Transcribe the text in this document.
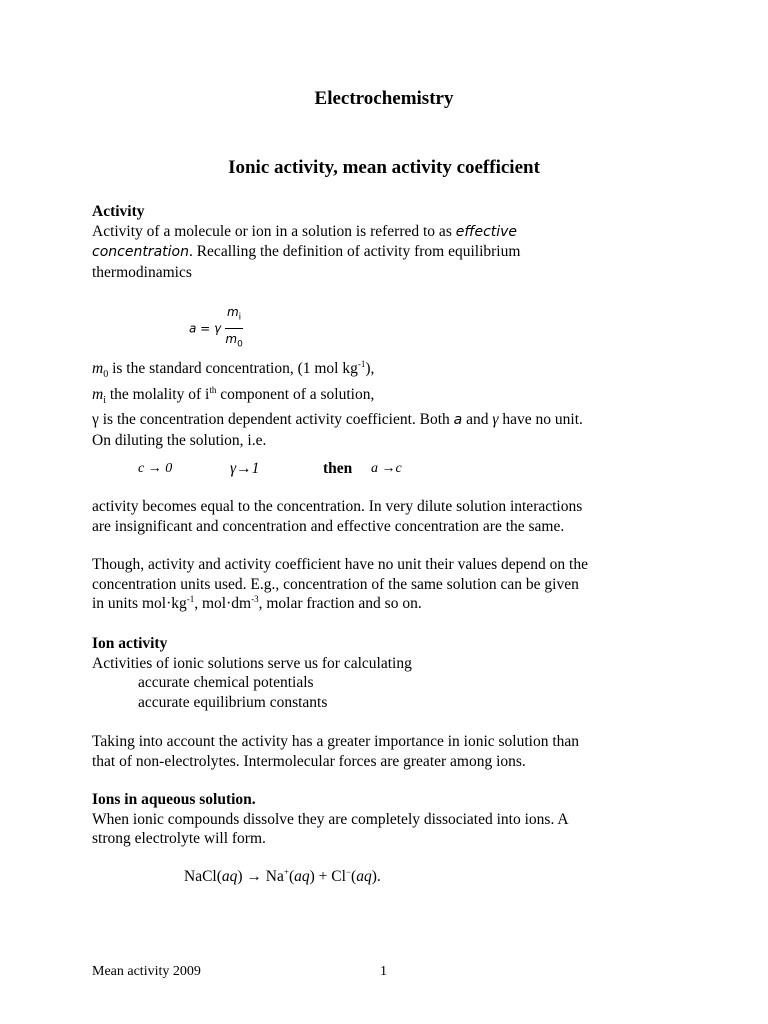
Electrochemistry
Ionic activity, mean activity coefficient
Activity
Activity of a molecule or ion in a solution is referred to as effective
concentration. Recalling the definition of activity from equilibrium
thermodinamics
a = γ $\frac{m_i}{m_0}$
$m_0$ is the standard concentration, (1 mol $kg^{-1}$),
$m_i$ the molality of $i^{th}$ component of a solution,
γ is the concentration dependent activity coefficient. Both a and γ have no unit.
On diluting the solution, i.e.
c → 0	γ→1	then a →c
activity becomes equal to the concentration. In very dilute solution interactions
are insignificant and concentration and effective concentration are the same.
Though, activity and activity coefficient have no unit their values depend on the
concentration units used. E.g., concentration of the same solution can be given
in units $mol\cdot kg^{-1}$, $mol\cdot dm^{-3}$, molar fraction and so on.
Ion activity
Activities of ionic solutions serve us for calculating
accurate chemical potentials
accurate equilibrium constants
Taking into account the activity has a greater importance in ionic solution than
that of non-electrolytes. Intermolecular forces are greater among ions.
Ions in aqueous solution.
When ionic compounds dissolve they are completely dissociated into ions. A
strong electrolyte will form.
NaCl(aq) → Na+(aq) + Cl−(aq).
Mean activity 2009	1
